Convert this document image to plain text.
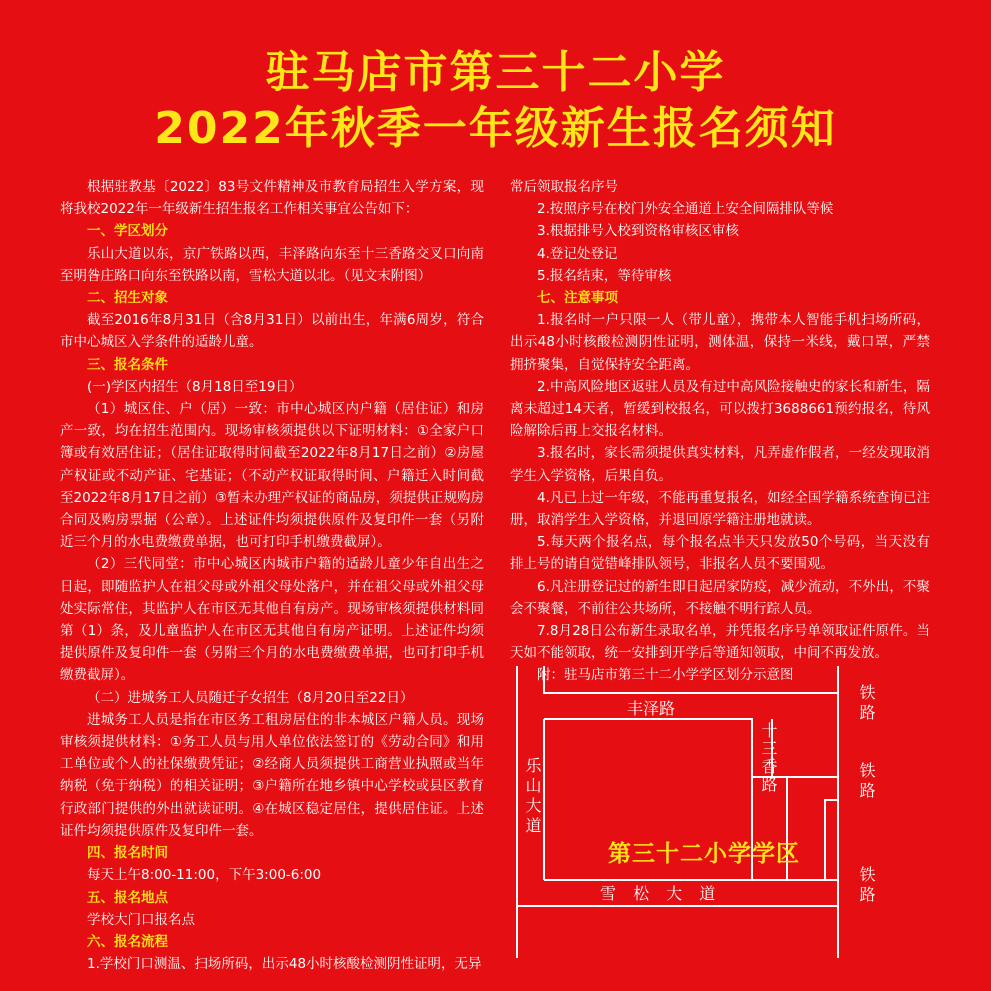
驻马店市第三十二小学
2022年秋季一年级新生报名须知

根据驻教基〔2022〕83号文件精神及市教育局招生入学方案，现将我校2022年一年级新生招生报名工作相关事宜公告如下：

一、学区划分

乐山大道以东，京广铁路以西，丰泽路向东至十三香路交叉口向南至明昝庄路口向东至铁路以南，雪松大道以北。（见文末附图）

二、招生对象

截至2016年8月31日（含8月31日）以前出生，年满6周岁，符合市中心城区入学条件的适龄儿童。

三、报名条件

(一)学区内招生（8月18日至19日）

（1）城区住、户（居）一致：市中心城区内户籍（居住证）和房产一致，均在招生范围内。现场审核须提供以下证明材料：①全家户口簿或有效居住证；（居住证取得时间截至2022年8月17日之前）②房屋产权证或不动产证、宅基证；（不动产权证取得时间、户籍迁入时间截至2022年8月17日之前）③暂未办理产权证的商品房，须提供正规购房合同及购房票据（公章）。上述证件均须提供原件及复印件一套（另附近三个月的水电费缴费单据，也可打印手机缴费截屏）。

（2）三代同堂：市中心城区内城市户籍的适龄儿童少年自出生之日起，即随监护人在祖父母或外祖父母处落户，并在祖父母或外祖父母处实际常住，其监护人在市区无其他自有房产。现场审核须提供材料同第（1）条，及儿童监护人在市区无其他自有房产证明。上述证件均须提供原件及复印件一套（另附三个月的水电费缴费单据，也可打印手机缴费截屏）。

（二）进城务工人员随迁子女招生（8月20日至22日）

进城务工人员是指在市区务工租房居住的非本城区户籍人员。现场审核须提供材料：①务工人员与用人单位依法签订的《劳动合同》和用工单位或个人的社保缴费凭证；②经商人员须提供工商营业执照或当年纳税（免于纳税）的相关证明；③户籍所在地乡镇中心学校或县区教育行政部门提供的外出就读证明。④在城区稳定居住，提供居住证。上述证件均须提供原件及复印件一套。

四、报名时间

每天上午8:00-11:00，下午3:00-6:00

五、报名地点

学校大门口报名点

六、报名流程

1.学校门口测温、扫场所码，出示48小时核酸检测阴性证明，无异

常后领取报名序号

2.按照序号在校门外安全通道上安全间隔排队等候

3.根据排号入校到资格审核区审核

4.登记处登记

5.报名结束，等待审核

七、注意事项

1.报名时一户只限一人（带儿童），携带本人智能手机扫场所码，出示48小时核酸检测阴性证明，测体温，保持一米线，戴口罩，严禁拥挤聚集，自觉保持安全距离。

2.中高风险地区返驻人员及有过中高风险接触史的家长和新生，隔离未超过14天者，暂缓到校报名，可以拨打3688661预约报名，待风险解除后再上交报名材料。

3.报名时，家长需须提供真实材料，凡弄虚作假者，一经发现取消学生入学资格，后果自负。

4.凡已上过一年级，不能再重复报名，如经全国学籍系统查询已注册，取消学生入学资格，并退回原学籍注册地就读。

5.每天两个报名点，每个报名点半天只发放50个号码，当天没有排上号的请自觉错峰排队领号，非报名人员不要围观。

6.凡注册登记过的新生即日起居家防疫，减少流动，不外出，不聚会不聚餐，不前往公共场所，不接触不明行踪人员。

7.8月28日公布新生录取名单，并凭报名序号单领取证件原件。当天如不能领取，统一安排到开学后等通知领取，中间不再发放。

附：驻马店市第三十二小学学区划分示意图

丰泽路
十三香路
乐山大道
铁路
铁路
铁路
雪 松 大 道
第三十二小学学区
